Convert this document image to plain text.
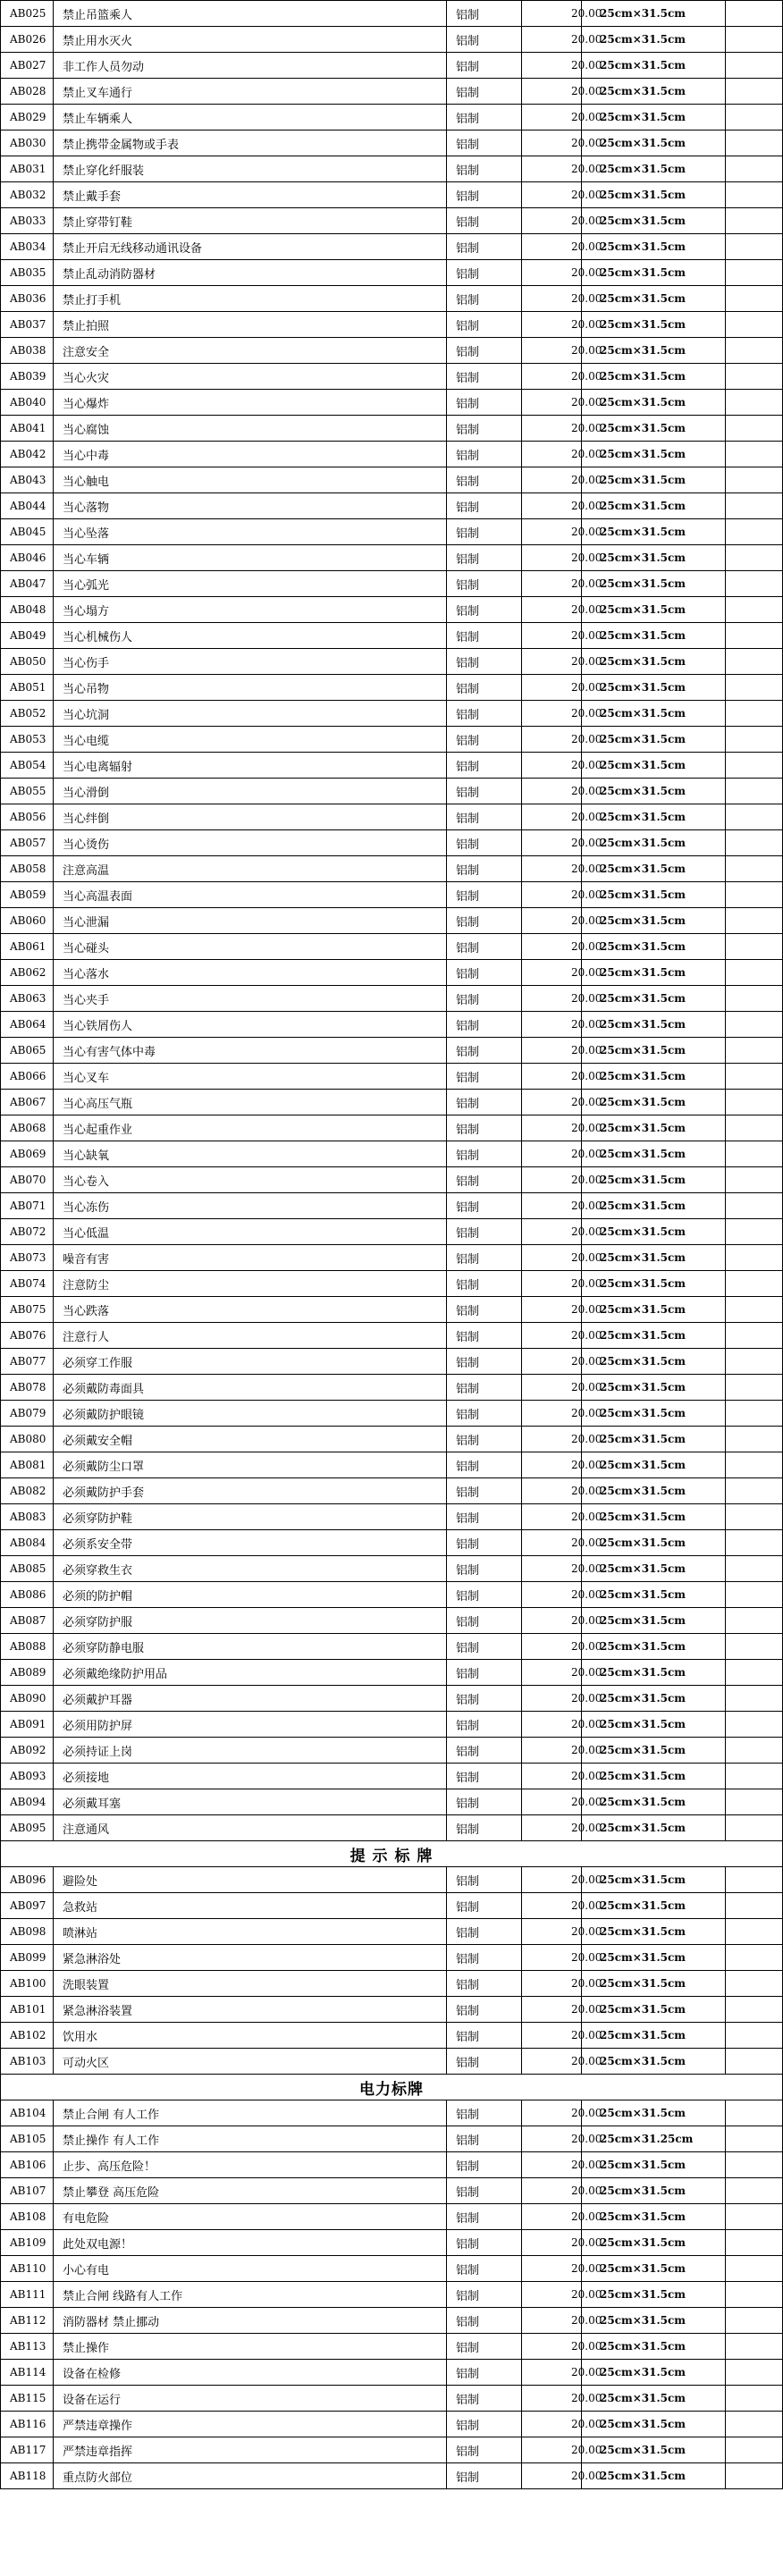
AB025	禁止吊篮乘人	铝制	20.00	25cm×31.5cm	
AB026	禁止用水灭火	铝制	20.00	25cm×31.5cm	
AB027	非工作人员勿动	铝制	20.00	25cm×31.5cm	
AB028	禁止叉车通行	铝制	20.00	25cm×31.5cm	
AB029	禁止车辆乘人	铝制	20.00	25cm×31.5cm	
AB030	禁止携带金属物或手表	铝制	20.00	25cm×31.5cm	
AB031	禁止穿化纤服装	铝制	20.00	25cm×31.5cm	
AB032	禁止戴手套	铝制	20.00	25cm×31.5cm	
AB033	禁止穿带钉鞋	铝制	20.00	25cm×31.5cm	
AB034	禁止开启无线移动通讯设备	铝制	20.00	25cm×31.5cm	
AB035	禁止乱动消防器材	铝制	20.00	25cm×31.5cm	
AB036	禁止打手机	铝制	20.00	25cm×31.5cm	
AB037	禁止拍照	铝制	20.00	25cm×31.5cm	
AB038	注意安全	铝制	20.00	25cm×31.5cm	
AB039	当心火灾	铝制	20.00	25cm×31.5cm	
AB040	当心爆炸	铝制	20.00	25cm×31.5cm	
AB041	当心腐蚀	铝制	20.00	25cm×31.5cm	
AB042	当心中毒	铝制	20.00	25cm×31.5cm	
AB043	当心触电	铝制	20.00	25cm×31.5cm	
AB044	当心落物	铝制	20.00	25cm×31.5cm	
AB045	当心坠落	铝制	20.00	25cm×31.5cm	
AB046	当心车辆	铝制	20.00	25cm×31.5cm	
AB047	当心弧光	铝制	20.00	25cm×31.5cm	
AB048	当心塌方	铝制	20.00	25cm×31.5cm	
AB049	当心机械伤人	铝制	20.00	25cm×31.5cm	
AB050	当心伤手	铝制	20.00	25cm×31.5cm	
AB051	当心吊物	铝制	20.00	25cm×31.5cm	
AB052	当心坑洞	铝制	20.00	25cm×31.5cm	
AB053	当心电缆	铝制	20.00	25cm×31.5cm	
AB054	当心电离辐射	铝制	20.00	25cm×31.5cm	
AB055	当心滑倒	铝制	20.00	25cm×31.5cm	
AB056	当心绊倒	铝制	20.00	25cm×31.5cm	
AB057	当心烫伤	铝制	20.00	25cm×31.5cm	
AB058	注意高温	铝制	20.00	25cm×31.5cm	
AB059	当心高温表面	铝制	20.00	25cm×31.5cm	
AB060	当心泄漏	铝制	20.00	25cm×31.5cm	
AB061	当心碰头	铝制	20.00	25cm×31.5cm	
AB062	当心落水	铝制	20.00	25cm×31.5cm	
AB063	当心夹手	铝制	20.00	25cm×31.5cm	
AB064	当心铁屑伤人	铝制	20.00	25cm×31.5cm	
AB065	当心有害气体中毒	铝制	20.00	25cm×31.5cm	
AB066	当心叉车	铝制	20.00	25cm×31.5cm	
AB067	当心高压气瓶	铝制	20.00	25cm×31.5cm	
AB068	当心起重作业	铝制	20.00	25cm×31.5cm	
AB069	当心缺氧	铝制	20.00	25cm×31.5cm	
AB070	当心卷入	铝制	20.00	25cm×31.5cm	
AB071	当心冻伤	铝制	20.00	25cm×31.5cm	
AB072	当心低温	铝制	20.00	25cm×31.5cm	
AB073	噪音有害	铝制	20.00	25cm×31.5cm	
AB074	注意防尘	铝制	20.00	25cm×31.5cm	
AB075	当心跌落	铝制	20.00	25cm×31.5cm	
AB076	注意行人	铝制	20.00	25cm×31.5cm	
AB077	必须穿工作服	铝制	20.00	25cm×31.5cm	
AB078	必须戴防毒面具	铝制	20.00	25cm×31.5cm	
AB079	必须戴防护眼镜	铝制	20.00	25cm×31.5cm	
AB080	必须戴安全帽	铝制	20.00	25cm×31.5cm	
AB081	必须戴防尘口罩	铝制	20.00	25cm×31.5cm	
AB082	必须戴防护手套	铝制	20.00	25cm×31.5cm	
AB083	必须穿防护鞋	铝制	20.00	25cm×31.5cm	
AB084	必须系安全带	铝制	20.00	25cm×31.5cm	
AB085	必须穿救生衣	铝制	20.00	25cm×31.5cm	
AB086	必须的防护帽	铝制	20.00	25cm×31.5cm	
AB087	必须穿防护服	铝制	20.00	25cm×31.5cm	
AB088	必须穿防静电服	铝制	20.00	25cm×31.5cm	
AB089	必须戴绝缘防护用品	铝制	20.00	25cm×31.5cm	
AB090	必须戴护耳器	铝制	20.00	25cm×31.5cm	
AB091	必须用防护屏	铝制	20.00	25cm×31.5cm	
AB092	必须持证上岗	铝制	20.00	25cm×31.5cm	
AB093	必须接地	铝制	20.00	25cm×31.5cm	
AB094	必须戴耳塞	铝制	20.00	25cm×31.5cm	
AB095	注意通风	铝制	20.00	25cm×31.5cm	
提 示 标 牌					
AB096	避险处	铝制	20.00	25cm×31.5cm	
AB097	急救站	铝制	20.00	25cm×31.5cm	
AB098	喷淋站	铝制	20.00	25cm×31.5cm	
AB099	紧急淋浴处	铝制	20.00	25cm×31.5cm	
AB100	洗眼装置	铝制	20.00	25cm×31.5cm	
AB101	紧急淋浴装置	铝制	20.00	25cm×31.5cm	
AB102	饮用水	铝制	20.00	25cm×31.5cm	
AB103	可动火区	铝制	20.00	25cm×31.5cm	
电力标牌					
AB104	禁止合闸 有人工作	铝制	20.00	25cm×31.5cm	
AB105	禁止操作 有人工作	铝制	20.00	25cm×31.25cm	
AB106	止步、高压危险！	铝制	20.00	25cm×31.5cm	
AB107	禁止攀登 高压危险	铝制	20.00	25cm×31.5cm	
AB108	有电危险	铝制	20.00	25cm×31.5cm	
AB109	此处双电源！	铝制	20.00	25cm×31.5cm	
AB110	小心有电	铝制	20.00	25cm×31.5cm	
AB111	禁止合闸 线路有人工作	铝制	20.00	25cm×31.5cm	
AB112	消防器材 禁止挪动	铝制	20.00	25cm×31.5cm	
AB113	禁止操作	铝制	20.00	25cm×31.5cm	
AB114	设备在检修	铝制	20.00	25cm×31.5cm	
AB115	设备在运行	铝制	20.00	25cm×31.5cm	
AB116	严禁违章操作	铝制	20.00	25cm×31.5cm	
AB117	严禁违章指挥	铝制	20.00	25cm×31.5cm	
AB118	重点防火部位	铝制	20.00	25cm×31.5cm	
